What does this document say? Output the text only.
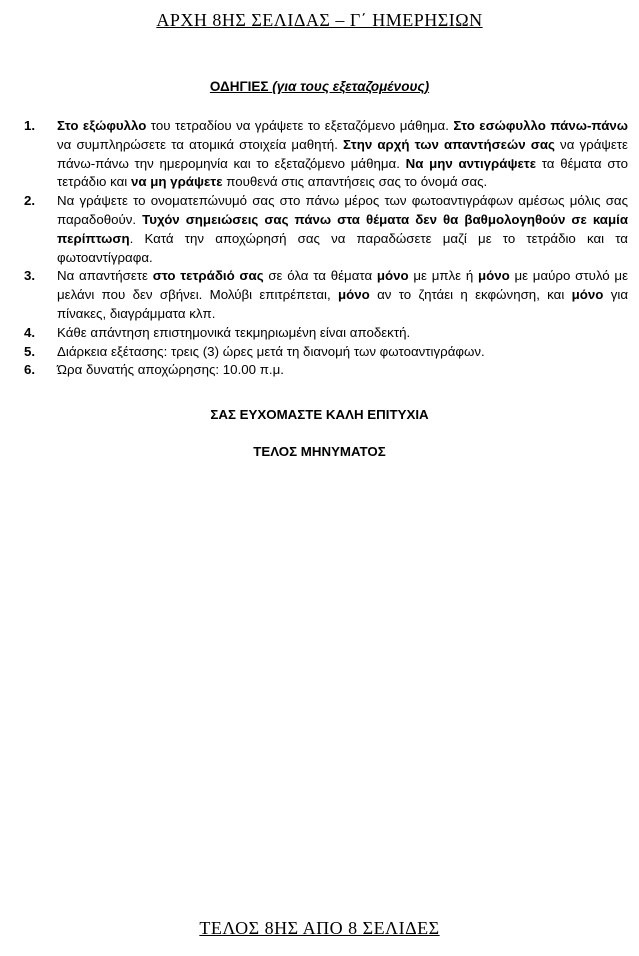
ΑΡΧΗ 8ΗΣ ΣΕΛΙΔΑΣ – Γ΄ ΗΜΕΡΗΣΙΩΝ
ΟΔΗΓΙΕΣ (για τους εξεταζομένους)
1. Στο εξώφυλλο του τετραδίου να γράψετε το εξεταζόμενο μάθημα. Στο εσώφυλλο πάνω-πάνω να συμπληρώσετε τα ατομικά στοιχεία μαθητή. Στην αρχή των απαντήσεών σας να γράψετε πάνω-πάνω την ημερομηνία και το εξεταζόμενο μάθημα. Να μην αντιγράψετε τα θέματα στο τετράδιο και να μη γράψετε πουθενά στις απαντήσεις σας το όνομά σας.
2. Να γράψετε το ονοματεπώνυμό σας στο πάνω μέρος των φωτοαντιγράφων αμέσως μόλις σας παραδοθούν. Τυχόν σημειώσεις σας πάνω στα θέματα δεν θα βαθμολογηθούν σε καμία περίπτωση. Κατά την αποχώρησή σας να παραδώσετε μαζί με το τετράδιο και τα φωτοαντίγραφα.
3. Να απαντήσετε στο τετράδιό σας σε όλα τα θέματα μόνο με μπλε ή μόνο με μαύρο στυλό με μελάνι που δεν σβήνει. Μολύβι επιτρέπεται, μόνο αν το ζητάει η εκφώνηση, και μόνο για πίνακες, διαγράμματα κλπ.
4. Κάθε απάντηση επιστημονικά τεκμηριωμένη είναι αποδεκτή.
5. Διάρκεια εξέτασης: τρεις (3) ώρες μετά τη διανομή των φωτοαντιγράφων.
6. Ώρα δυνατής αποχώρησης: 10.00 π.μ.
ΣΑΣ ΕΥΧΟΜΑΣΤΕ ΚΑΛΗ ΕΠΙΤΥΧΙΑ
ΤΕΛΟΣ ΜΗΝΥΜΑΤΟΣ
ΤΕΛΟΣ 8ΗΣ ΑΠΟ 8 ΣΕΛΙΔΕΣ
